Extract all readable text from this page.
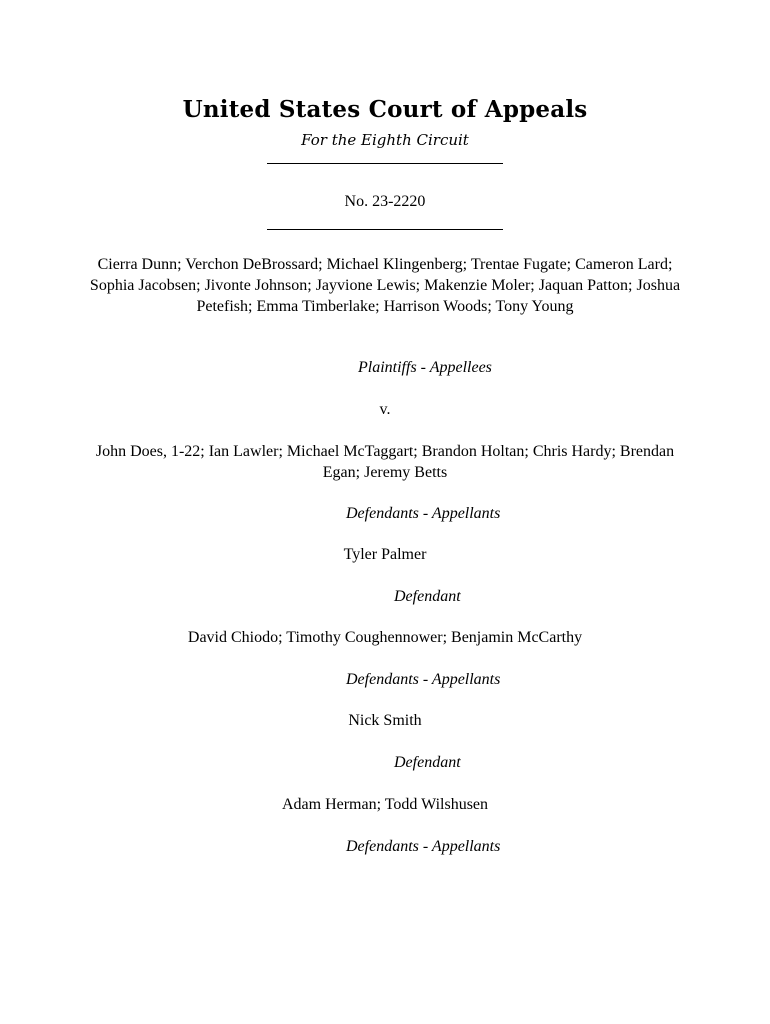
United States Court of Appeals
For the Eighth Circuit
No. 23-2220
Cierra Dunn; Verchon DeBrossard; Michael Klingenberg; Trentae Fugate; Cameron Lard; Sophia Jacobsen; Jivonte Johnson; Jayvione Lewis; Makenzie Moler; Jaquan Patton; Joshua Petefish; Emma Timberlake; Harrison Woods; Tony Young
Plaintiffs - Appellees
v.
John Does, 1-22; Ian Lawler; Michael McTaggart; Brandon Holtan; Chris Hardy; Brendan Egan; Jeremy Betts
Defendants - Appellants
Tyler Palmer
Defendant
David Chiodo; Timothy Coughennower; Benjamin McCarthy
Defendants - Appellants
Nick Smith
Defendant
Adam Herman; Todd Wilshusen
Defendants - Appellants
